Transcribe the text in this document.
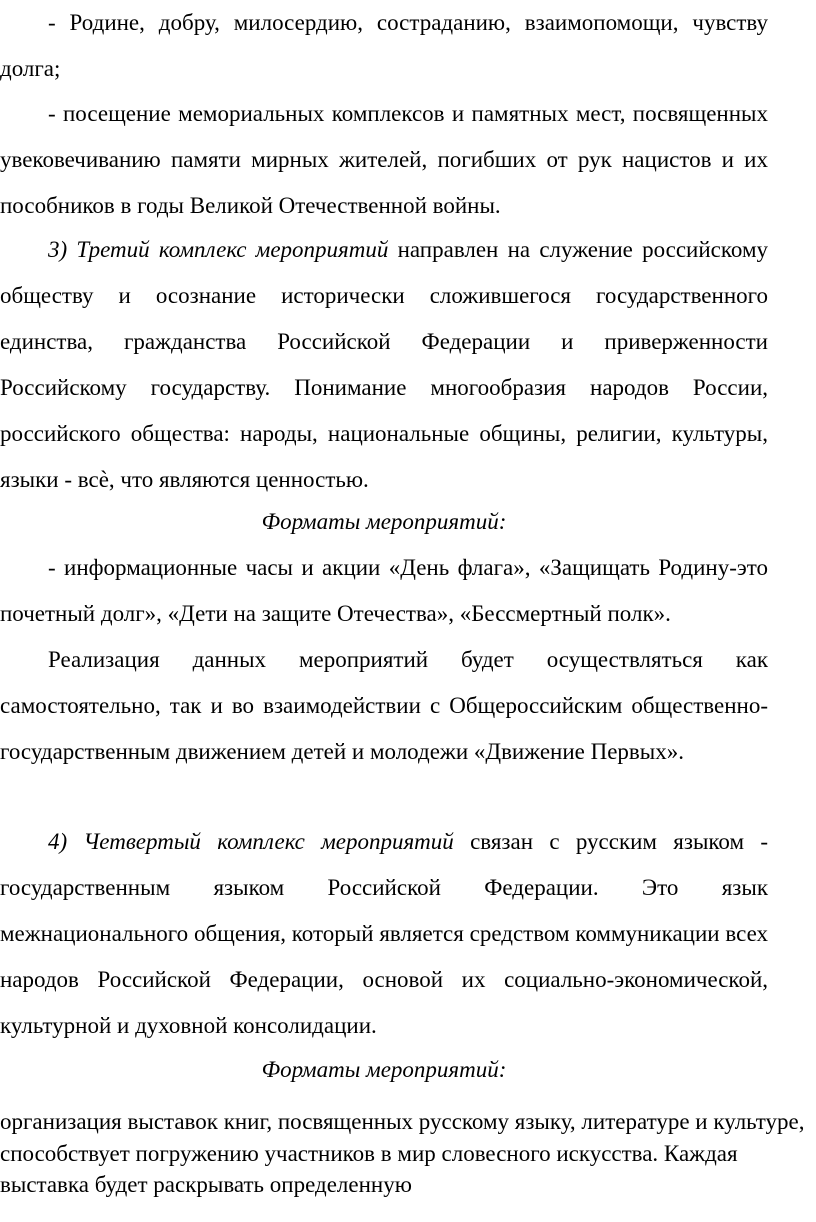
- Родине, добру, милосердию, состраданию, взаимопомощи, чувству долга;

- посещение мемориальных комплексов и памятных мест, посвященных увековечиванию памяти мирных жителей, погибших от рук нацистов и их пособников в годы Великой Отечественной войны.

3) Третий комплекс мероприятий направлен на служение российскому обществу и осознание исторически сложившегося государственного единства, гражданства Российской Федерации и приверженности Российскому государству. Понимание многообразия народов России, российского общества: народы, национальные общины, религии, культуры, языки - всѐ, что являются ценностью.

Форматы мероприятий:

- информационные часы и акции «День флага», «Защищать Родину-это почетный долг», «Дети на защите Отечества», «Бессмертный полк».

Реализация данных мероприятий будет осуществляться как самостоятельно, так и во взаимодействии с Общероссийским общественно- государственным движением детей и молодежи «Движение Первых».

4) Четвертый комплекс мероприятий связан с русским языком - государственным языком Российской Федерации. Это язык межнационального общения, который является средством коммуникации всех народов Российской Федерации, основой их социально-экономической, культурной и духовной консолидации.

Форматы мероприятий:

организация выставок книг, посвященных русскому языку, литературе и культуре, способствует погружению участников в мир словесного искусства. Каждая выставка будет раскрывать определенную
